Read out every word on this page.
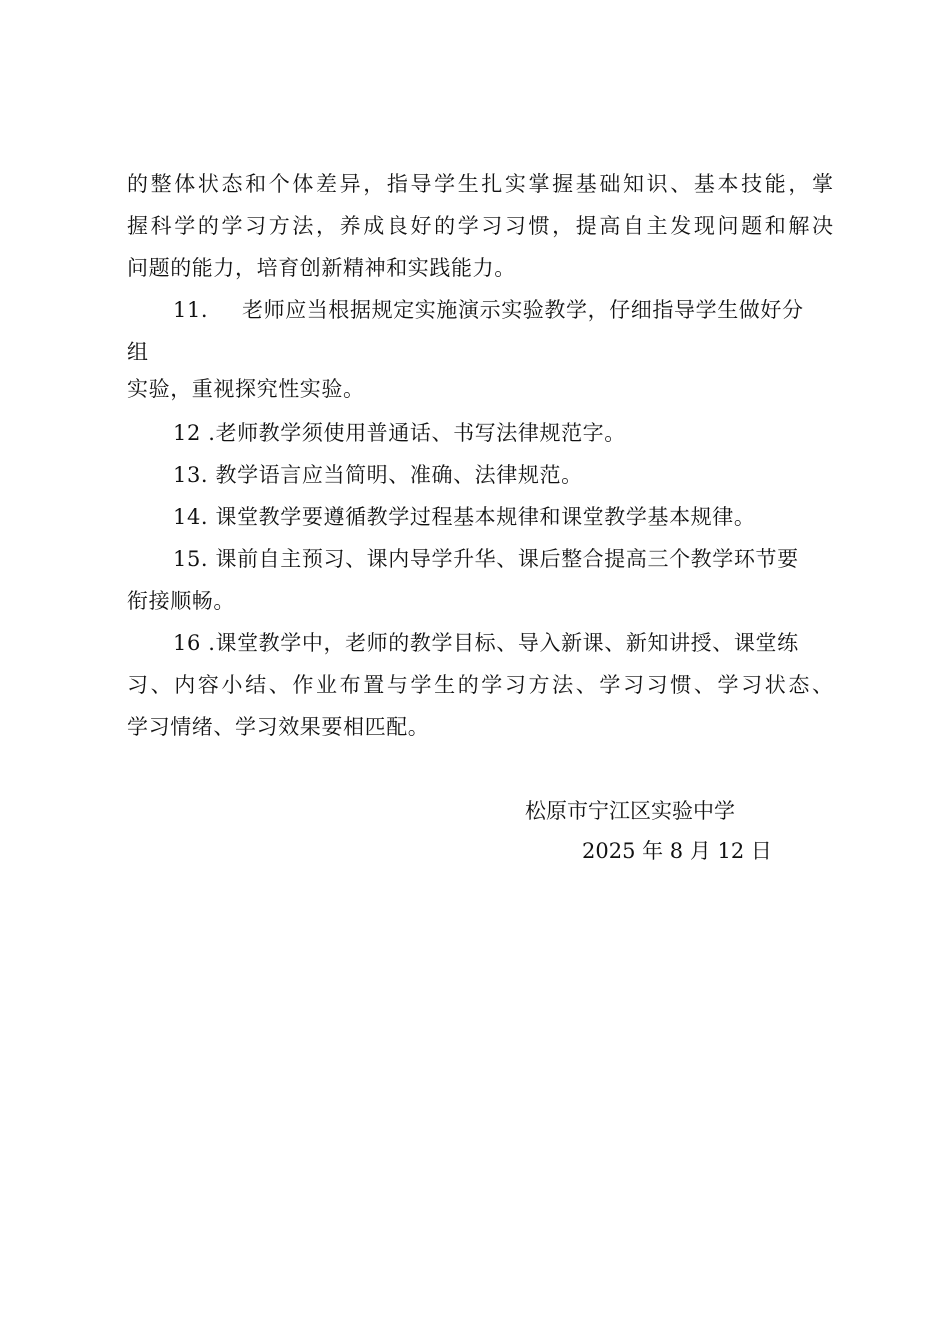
的整体状态和个体差异，指导学生扎实掌握基础知识、基本技能，掌
握科学的学习方法，养成良好的学习习惯，提高自主发现问题和解决
问题的能力，培育创新精神和实践能力。
11. 老师应当根据规定实施演示实验教学，仔细指导学生做好分
组
实验，重视探究性实验。
12 .老师教学须使用普通话、书写法律规范字。
13. 教学语言应当简明、准确、法律规范。
14. 课堂教学要遵循教学过程基本规律和课堂教学基本规律。
15. 课前自主预习、课内导学升华、课后整合提高三个教学环节要
衔接顺畅。
16 .课堂教学中，老师的教学目标、导入新课、新知讲授、课堂练
习、内容小结、作业布置与学生的学习方法、学习习惯、学习状态、
学习情绪、学习效果要相匹配。
松原市宁江区实验中学
2025 年 8 月 12 日
